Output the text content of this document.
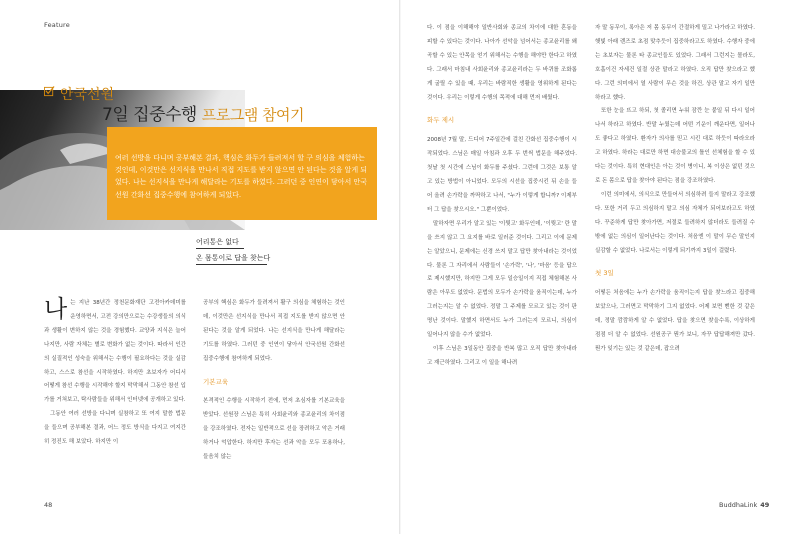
Feature
안국선원
7일 집중수행 프로그램 참여기
여러 선방을 다니며 공부해본 결과, 핵심은 화두가 들려져서 할 구 의심을 체험하는 것인데, 이것만은 선지식을 만나서 직접 지도를 받지 않으면 안 된다는 것을 알게 되었다. 나는 선지식을 만나게 해달라는 기도를 하였다. 그러던 중 인연이 닿아서 안국 선원 간화선 집중수행에 참여하게 되었다.
어리통은 없다
온 몸통이로 답을 찾는다

나는 지난 38년간 정천문화재단 고전아카데미를 운영하면서, 고전 강의만으로는 수강생들의 의식과 생활이 변하지 않는 것을 경험했다. 교양과 지식은 늘어나지만, 사람 자체는 별로 변화가 없는 것이다. 따라서 인간의 실질적인 성숙을 위해서는 수행이 필요하다는 것을 실감하고, 스스로 참선을 시작하였다. 하지만 초보자가 어디서 어떻게 참선 수행을 시작해야 할지 막막해서 그동안 참선 입가를 거쳐보고, 탁사람들을 위해서 인터넷에 공개하고 있다.

그동안 여러 선방을 다니며 실참하고 또 여지 말씀 법문을 들으며 공부해본 결과, 어느 정도 방식을 다지고 여지간히 정진도 해 보았다. 하지만 이

공부의 핵심은 화두가 들려져서 활구 의심을 체험하는 것인데, 이것만은 선지식을 만나서 직접 지도를 받지 않으면 안 된다는 것을 알게 되었다. 나는 선지식을 만나게 해달라는 기도를 하였다. 그러던 중 인연이 닿아서 안국선원 간화선 집중수행에 참여하게 되었다.

기본교육

본격적인 수행을 시작하기 전에, 먼저 초심자를 기본교육을 받았다. 선원장 스님은 특히 사회윤리와 종교윤리의 차이점을 강조하였다. 전자는 일반적으로 선을 장려하고 악은 거래하거나 억압한다. 하지만 후자는 선과 악을 모두 포용하나, 들음치 않는

다. 이 점을 이해해야 일반사회와 종교의 차이에 대한 혼동을 피할 수 있다는 것이다. 나아가 선악을 넘어서는 종교윤리를 왜곡할 수 있는 안목을 얻기 위해서는 수행을 해야만 한다고 하였다. 그래서 마침내 사회윤리와 종교윤리라는 두 바퀴를 조화롭게 굴릴 수 있을 때, 우리는 바람직한 생활을 영위하게 된다는 것이다. 우리는 이렇게 수행의 목적에 대해 먼저 배웠다.

화두 제시

2008년 7월 말, 드디어 7주일간에 걸친 간화선 집중수행이 시작되었다. 스님은 매일 아침과 오후 두 번씩 법문을 해주었다. 첫날 첫 시간에 스님이 화두를 주셨다. 그런데 그것은 보통 알고 있는 방법이 아니었다. 모두의 시선을 집중시킨 뒤 손을 들어 올려 손가락을 까딱하고 나서, "누가 이렇게 합니까? 이제부터 그 답을 찾으시오." 그뿐이었다.

말하자면 우리가 알고 있는 '이뭣고' 화두인데, '이뭣고' 란 말을 쓰지 않고 그 요지를 바로 일러준 것이다. 그리고 이에 문제는 알았으니, 문제에는 신경 쓰지 말고 답만 찾아내라는 것이었다. 물론 그 자리에서 사람들이 '손가락', '나', '마음' 등을 답으로 제시했지만, 하지만 그게 모두 일승일이지 직접 체험해본 사람은 아무도 없었다. 문법의 모두가 손가락을 움직이는데, 누가 그러는지는 알 수 없었다. 정말 그 주제를 모르고 있는 것이 판명난 것이다. 말했지 하면서도 누가 그러는지 모르니, 의심이 일어나지 않을 수가 없었다.

이후 스님은 3일동안 집중을 반복 많고 오직 답만 찾아내라고 재근하였다. 그리고 이 일을 해나려

자 말 동무이, 록아은 저 몸 동무이 간절하게 밀고 나가라고 하였다. 햇빛 아래 렌즈로 초점 맞추듯이 집중하라고도 하였다. 수행자 중에는 초보자는 물론 타 종교인들도 있었다. 그래서 그런지는 몰라도, 호흡이건 자세건 일절 상관 말라고 하였다. 오직 답만 찾으라고 했다. 그런 의미에서 열 사람이 무슨 것을 하건, 상관 말고 자기 일만 하라고 했다.

또한 눈을 뜨고 하되, 첫 졸리면 누워 잠깐 눈 붙일 뒤 다시 일어나서 하라고 하였다. 반말 누웠는데 어떤 기운이 깨운다면, 일어나도 좋다고 하였다. 환자가 의사를 믿고 시킨 대로 하듯이 따라오라고 하였다. 하라는 대로만 하면 대승불교의 틀인 선체험을 할 수 있다는 것이다. 특히 현대인은 아는 것이 병이니, 복 이상은 없던 것으로 돈 몸으로 답을 찾아야 된다는 점을 강조하였다.

이런 의미에서, 의식으로 만들어서 의심하려 들지 말라고 강조했다. 또한 거리 두고 의심하지 말고 의심 자체가 되어보라고도 하였다. 꾸준하게 답만 찾아가면, 저절로 들려하지 않더라도 들려질 수밖에 없는 의심이 일어난다는 것이다. 처음엔 이 말이 무슨 말인지 실감할 수 없었다. 나로서는 이렇게 되기까지 3일이 걸렸다.

첫 3일

어떻든 처음에는 누가 손가락을 움직이는지 답을 찾느라고 집중해보았으나, 그러면고 막막하기 그지 없었다. 어제 보면 뻔한 것 같은데, 정말 깜깜하게 알 수 없었다. 답을 찾으면 찾을수록, 이상하게 점점 더 알 수 없었다. 선원공구 뭔가 보니, 자꾸 답답해져만 갔다. 뭔가 잊기는 있는 것 같은데, 잡으려

48	BuddhaLink 49
